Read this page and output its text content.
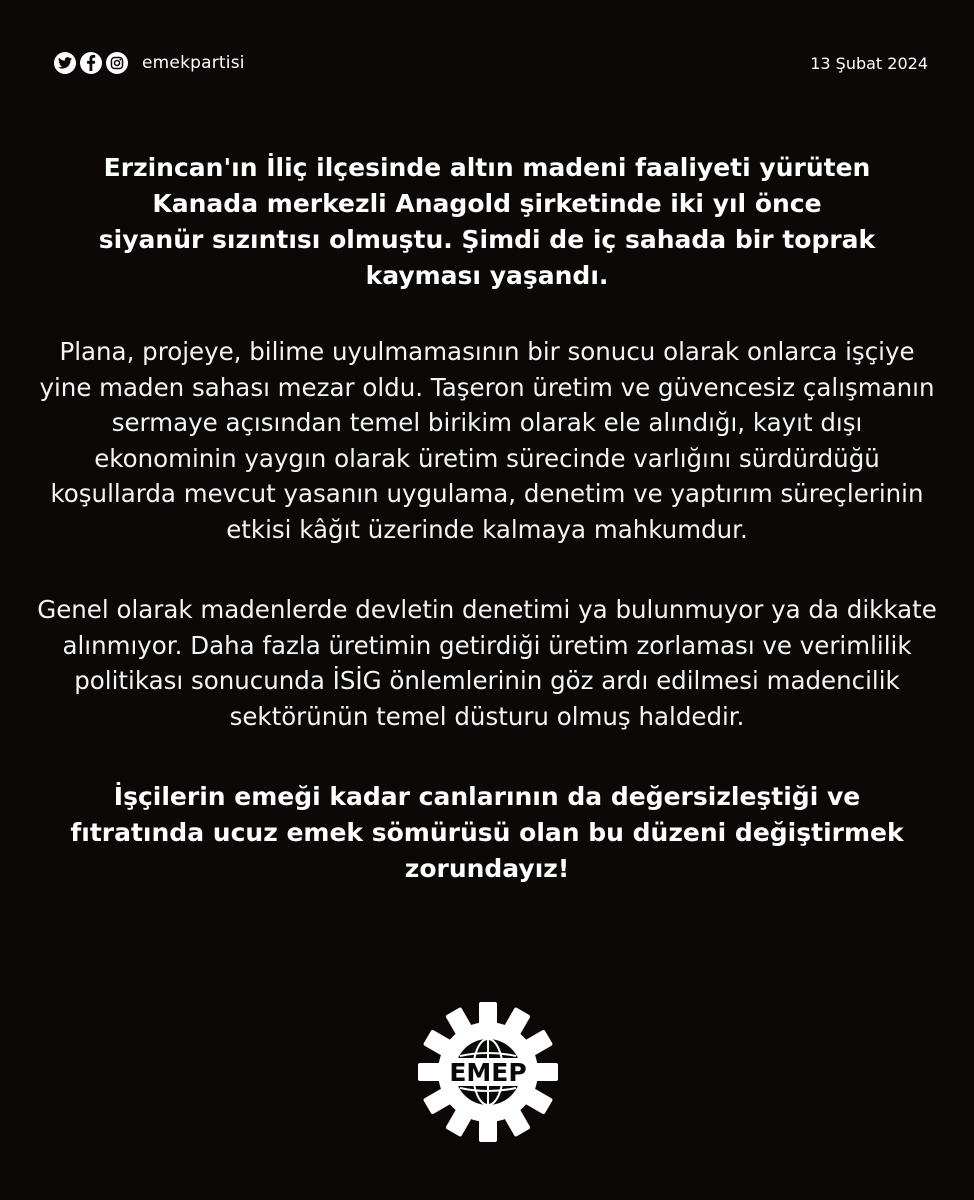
emekpartisi	13 Şubat 2024

Erzincan'ın İliç ilçesinde altın madeni faaliyeti yürüten Kanada merkezli Anagold şirketinde iki yıl önce siyanür sızıntısı olmuştu. Şimdi de iç sahada bir toprak kayması yaşandı.

Plana, projeye, bilime uyulmamasının bir sonucu olarak onlarca işçiye yine maden sahası mezar oldu. Taşeron üretim ve güvencesiz çalışmanın sermaye açısından temel birikim olarak ele alındığı, kayıt dışı ekonominin yaygın olarak üretim sürecinde varlığını sürdürdüğü koşullarda mevcut yasanın uygulama, denetim ve yaptırım süreçlerinin etkisi kâğıt üzerinde kalmaya mahkumdur.

Genel olarak madenlerde devletin denetimi ya bulunmuyor ya da dikkate alınmıyor. Daha fazla üretimin getirdiği üretim zorlaması ve verimlilik politikası sonucunda İSİG önlemlerinin göz ardı edilmesi madencilik sektörünün temel düsturu olmuş haldedir.

İşçilerin emeği kadar canlarının da değersizleştiği ve fıtratında ucuz emek sömürüsü olan bu düzeni değiştirmek zorundayız!

EMEP
